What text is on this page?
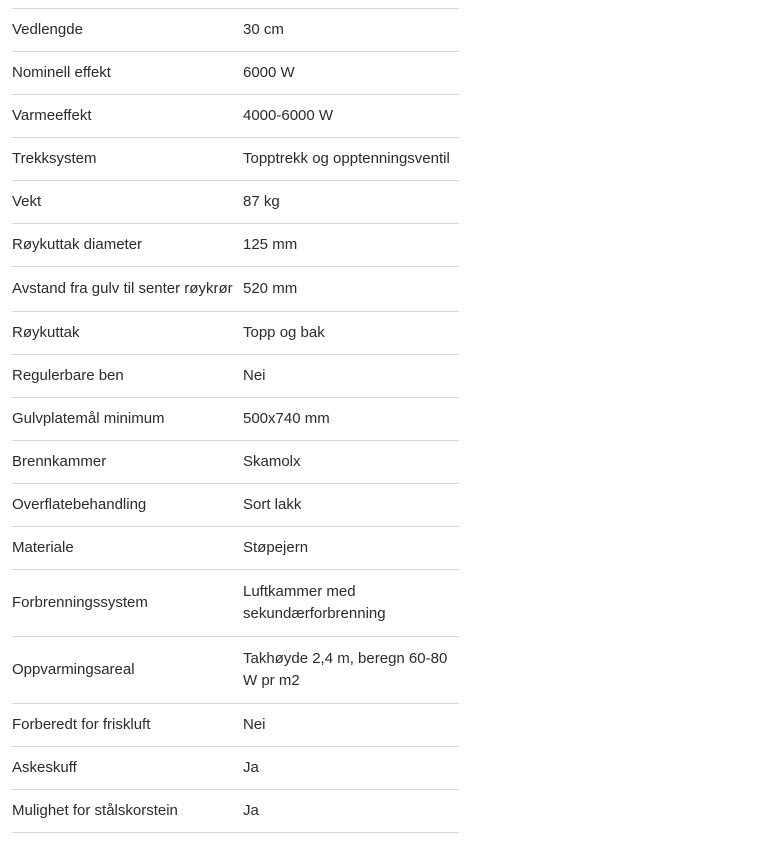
Vedlengde	30 cm
Nominell effekt	6000 W
Varmeeffekt	4000-6000 W
Trekksystem	Topptrekk og opptenningsventil
Vekt	87 kg
Røykuttak diameter	125 mm
Avstand fra gulv til senter røykrør	520 mm
Røykuttak	Topp og bak
Regulerbare ben	Nei
Gulvplatemål minimum	500x740 mm
Brennkammer	Skamolx
Overflatebehandling	Sort lakk
Materiale	Støpejern
Forbrenningssystem	Luftkammer med sekundærforbrenning
Oppvarmingsareal	Takhøyde 2,4 m, beregn 60-80 W pr m2
Forberedt for friskluft	Nei
Askeskuff	Ja
Mulighet for stålskorstein	Ja
